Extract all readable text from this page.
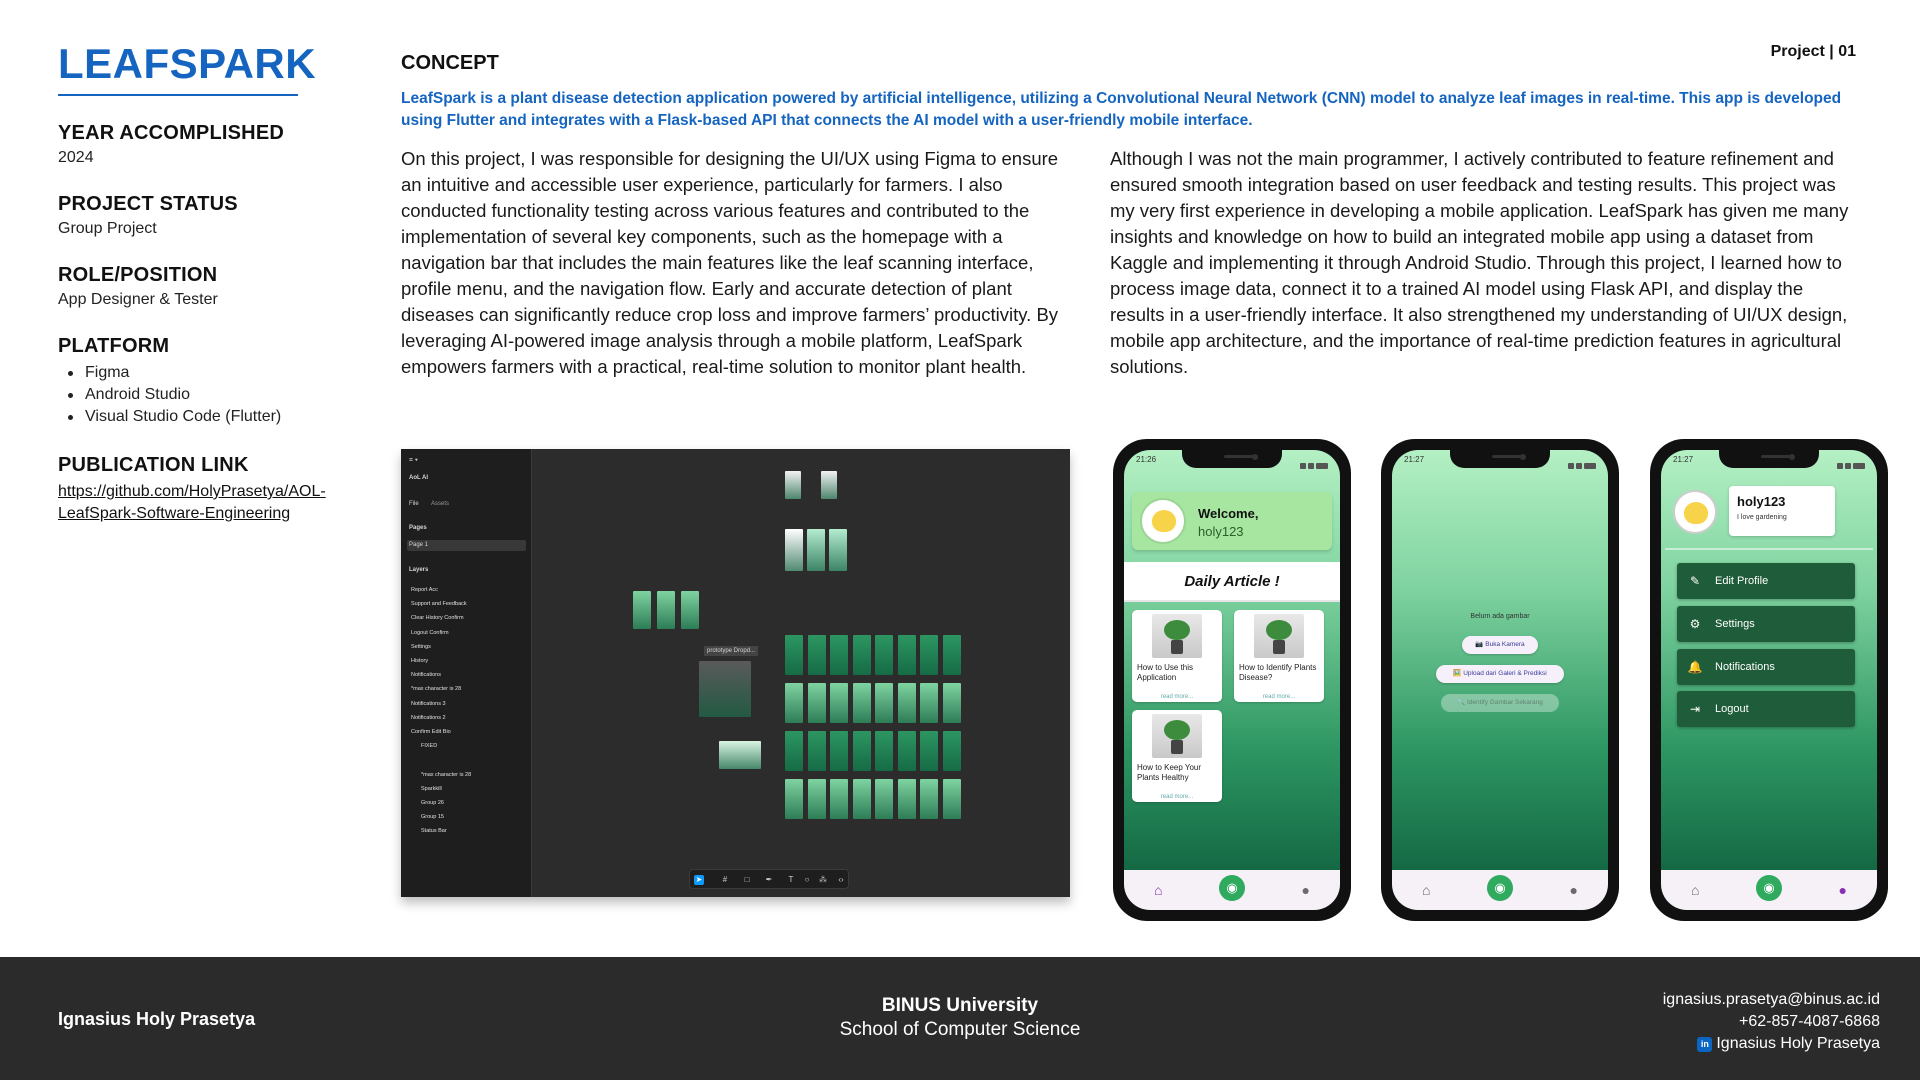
LEAFSPARK
YEAR ACCOMPLISHED
2024
PROJECT STATUS
Group Project
ROLE/POSITION
App Designer & Tester
PLATFORM
Figma
Android Studio
Visual Studio Code (Flutter)
PUBLICATION LINK
https://github.com/HolyPrasetya/AOL-LeafSpark-Software-Engineering
CONCEPT
Project | 01
LeafSpark is a plant disease detection application powered by artificial intelligence, utilizing a Convolutional Neural Network (CNN) model to analyze leaf images in real-time. This app is developed using Flutter and integrates with a Flask-based API that connects the AI model with a user-friendly mobile interface.
On this project, I was responsible for designing the UI/UX using Figma to ensure an intuitive and accessible user experience, particularly for farmers. I also conducted functionality testing across various features and contributed to the implementation of several key components, such as the homepage with a navigation bar that includes the main features like the leaf scanning interface, profile menu, and the navigation flow. Early and accurate detection of plant diseases can significantly reduce crop loss and improve farmers’ productivity. By leveraging AI-powered image analysis through a mobile platform, LeafSpark empowers farmers with a practical, real-time solution to monitor plant health.
Although I was not the main programmer, I actively contributed to feature refinement and ensured smooth integration based on user feedback and testing results. This project was my very first experience in developing a mobile application. LeafSpark has given me many insights and knowledge on how to build an integrated mobile app using a dataset from Kaggle and implementing it through Android Studio. Through this project, I learned how to process image data, connect it to a trained AI model using Flask API, and display the results in a user-friendly interface. It also strengthened my understanding of UI/UX design, mobile app architecture, and the importance of real-time prediction features in agricultural solutions.
⌗ ▾
AoL AI
File Assets
Pages
Page 1
Layers
Report Acc
Support and Feedback
Clear History Confirm
Logout Confirm
Settings
History
Notifications
*max character is 28
Notifications 3
Notifications 2
Confirm Edit Bio
FIXED
*max character is 28
Sparkkill
Group 26
Group 15
Status Bar
prototype Dropd...
➤	#	□	✒	T	○	⁂ ‹›
21:26
Welcome,
holy123
Daily Article !
How to Use this Application
read more...
How to Identify Plants Disease?
read more...
How to Keep Your Plants Healthy
read more...
⌂	◉	●
21:27
Belum ada gambar
📷 Buka Kamera
🖼️ Upload dari Galeri & Prediksi
🔍 Identify Gambar Sekarang
⌂	◉	●
21:27
holy123
I love gardening
✎ Edit Profile
⚙ Settings
🔔 Notifications
⇥ Logout
⌂	◉	●
Ignasius Holy Prasetya
BINUS University
School of Computer Science
ignasius.prasetya@binus.ac.id
+62-857-4087-6868
in Ignasius Holy Prasetya
